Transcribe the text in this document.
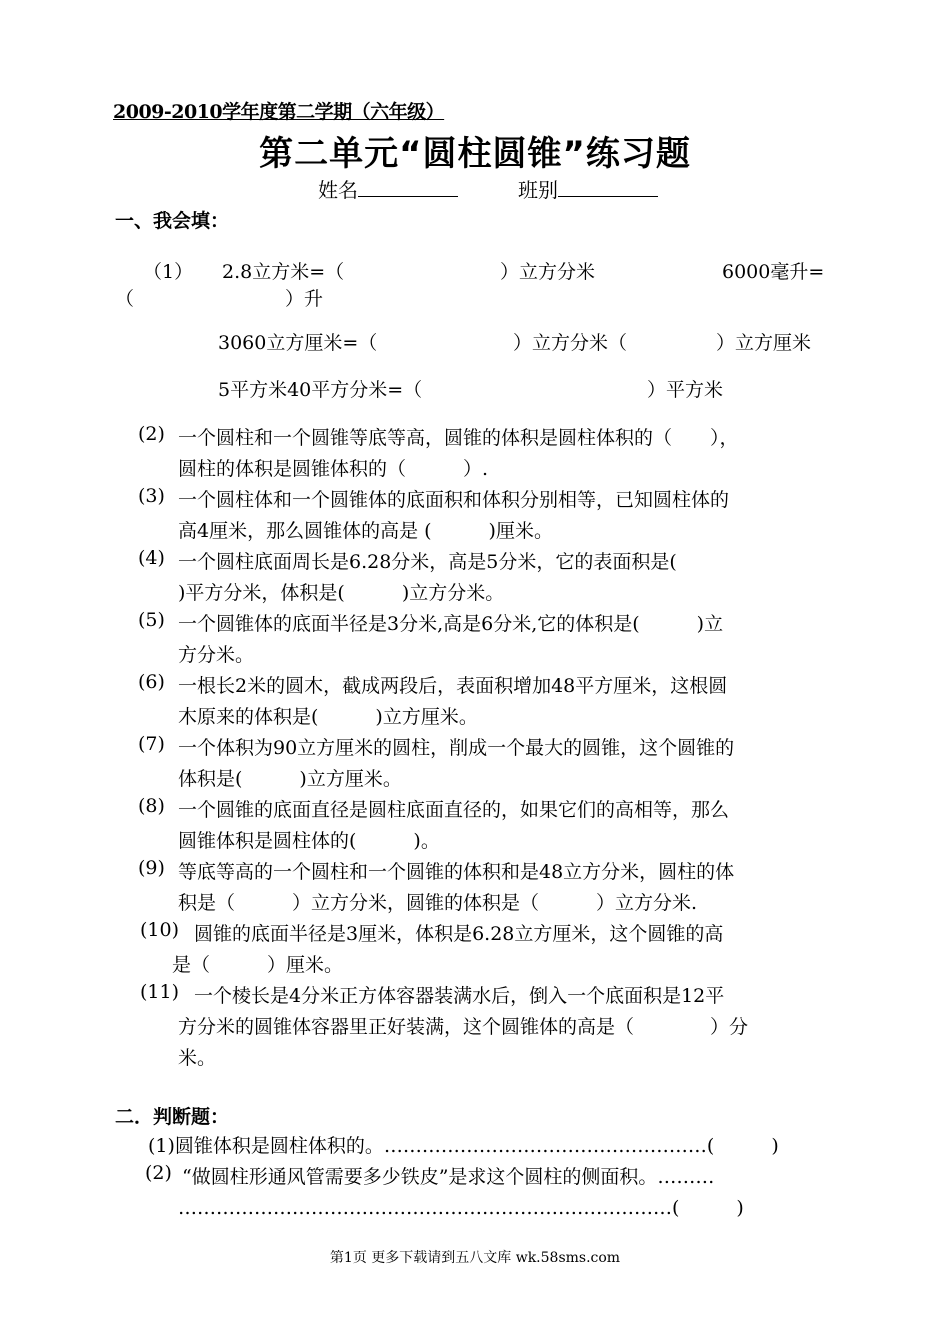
2009-2010学年度第二学期（六年级）
第二单元“圆柱圆锥”练习题
姓名	班别
一、我会填：
（1） 2.8立方米=（	）立方分米	6000毫升=
（	）升
3060立方厘米=（	）立方分米（	）立方厘米
5平方米40平方分米=（	）平方米
(2) 一个圆柱和一个圆锥等底等高，圆锥的体积是圆柱体积的（　　），
圆柱的体积是圆锥体积的（　　　）.
(3) 一个圆柱体和一个圆锥体的底面积和体积分别相等，已知圆柱体的
高4厘米，那么圆锥体的高是 (　　　)厘米。
(4) 一个圆柱底面周长是6.28分米，高是5分米，它的表面积是(
)平方分米，体积是(　　　)立方分米。
(5) 一个圆锥体的底面半径是3分米,高是6分米,它的体积是(　　　)立
方分米。
(6) 一根长2米的圆木，截成两段后，表面积增加48平方厘米，这根圆
木原来的体积是(　　　)立方厘米。
(7) 一个体积为90立方厘米的圆柱，削成一个最大的圆锥，这个圆锥的
体积是(　　　)立方厘米。
(8) 一个圆锥的底面直径是圆柱底面直径的，如果它们的高相等，那么
圆锥体积是圆柱体的(　　　)。
(9) 等底等高的一个圆柱和一个圆锥的体积和是48立方分米，圆柱的体
积是（　　　）立方分米，圆锥的体积是（　　　）立方分米.
(10) 圆锥的底面半径是3厘米，体积是6.28立方厘米，这个圆锥的高
是（　　　）厘米。
(11) 一个棱长是4分米正方体容器装满水后，倒入一个底面积是12平
方分米的圆锥体容器里正好装满，这个圆锥体的高是（　　　　）分
米。
二．判断题：
(1)圆锥体积是圆柱体积的。……………………………………………(　　　)
(2) “做圆柱形通风管需要多少铁皮”是求这个圆柱的侧面积。………
……………………………………………………………………(　　　)
第1页 更多下载请到五八文库 wk.58sms.com
